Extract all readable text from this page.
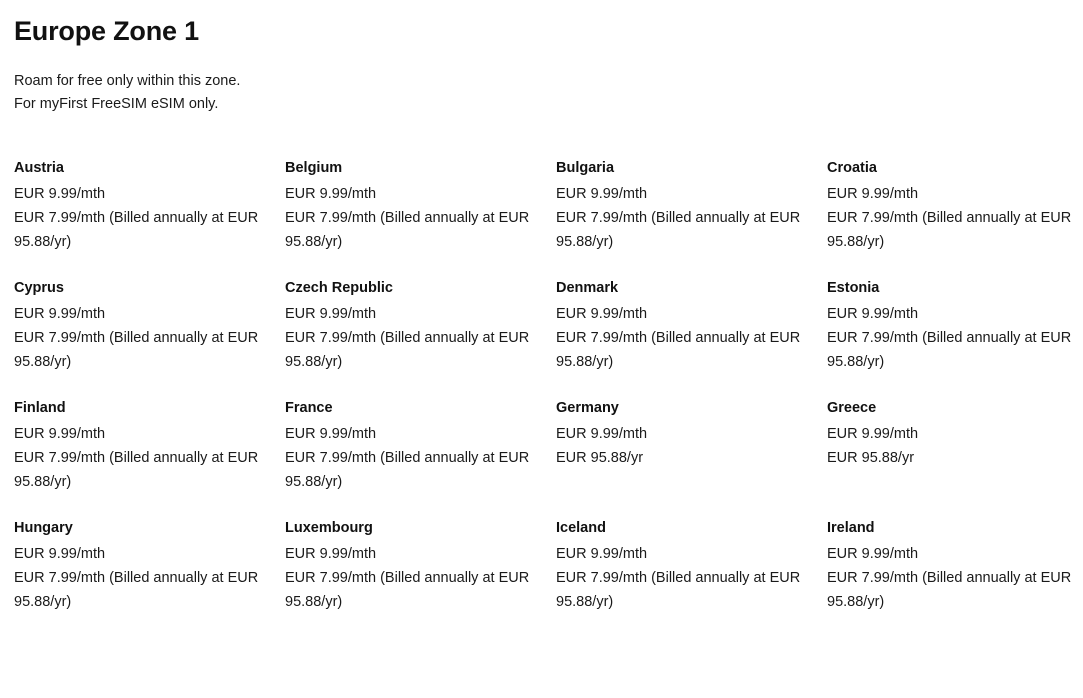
Europe Zone 1
Roam for free only within this zone.
For myFirst FreeSIM eSIM only.
Austria
EUR 9.99/mth
EUR 7.99/mth (Billed annually at EUR 95.88/yr)
Belgium
EUR 9.99/mth
EUR 7.99/mth (Billed annually at EUR 95.88/yr)
Bulgaria
EUR 9.99/mth
EUR 7.99/mth (Billed annually at EUR 95.88/yr)
Croatia
EUR 9.99/mth
EUR 7.99/mth (Billed annually at EUR 95.88/yr)
Cyprus
EUR 9.99/mth
EUR 7.99/mth (Billed annually at EUR 95.88/yr)
Czech Republic
EUR 9.99/mth
EUR 7.99/mth (Billed annually at EUR 95.88/yr)
Denmark
EUR 9.99/mth
EUR 7.99/mth (Billed annually at EUR 95.88/yr)
Estonia
EUR 9.99/mth
EUR 7.99/mth (Billed annually at EUR 95.88/yr)
Finland
EUR 9.99/mth
EUR 7.99/mth (Billed annually at EUR 95.88/yr)
France
EUR 9.99/mth
EUR 7.99/mth (Billed annually at EUR 95.88/yr)
Germany
EUR 9.99/mth
EUR 95.88/yr
Greece
EUR 9.99/mth
EUR 95.88/yr
Hungary
EUR 9.99/mth
EUR 7.99/mth (Billed annually at EUR 95.88/yr)
Luxembourg
EUR 9.99/mth
EUR 7.99/mth (Billed annually at EUR 95.88/yr)
Iceland
EUR 9.99/mth
EUR 7.99/mth (Billed annually at EUR 95.88/yr)
Ireland
EUR 9.99/mth
EUR 7.99/mth (Billed annually at EUR 95.88/yr)
